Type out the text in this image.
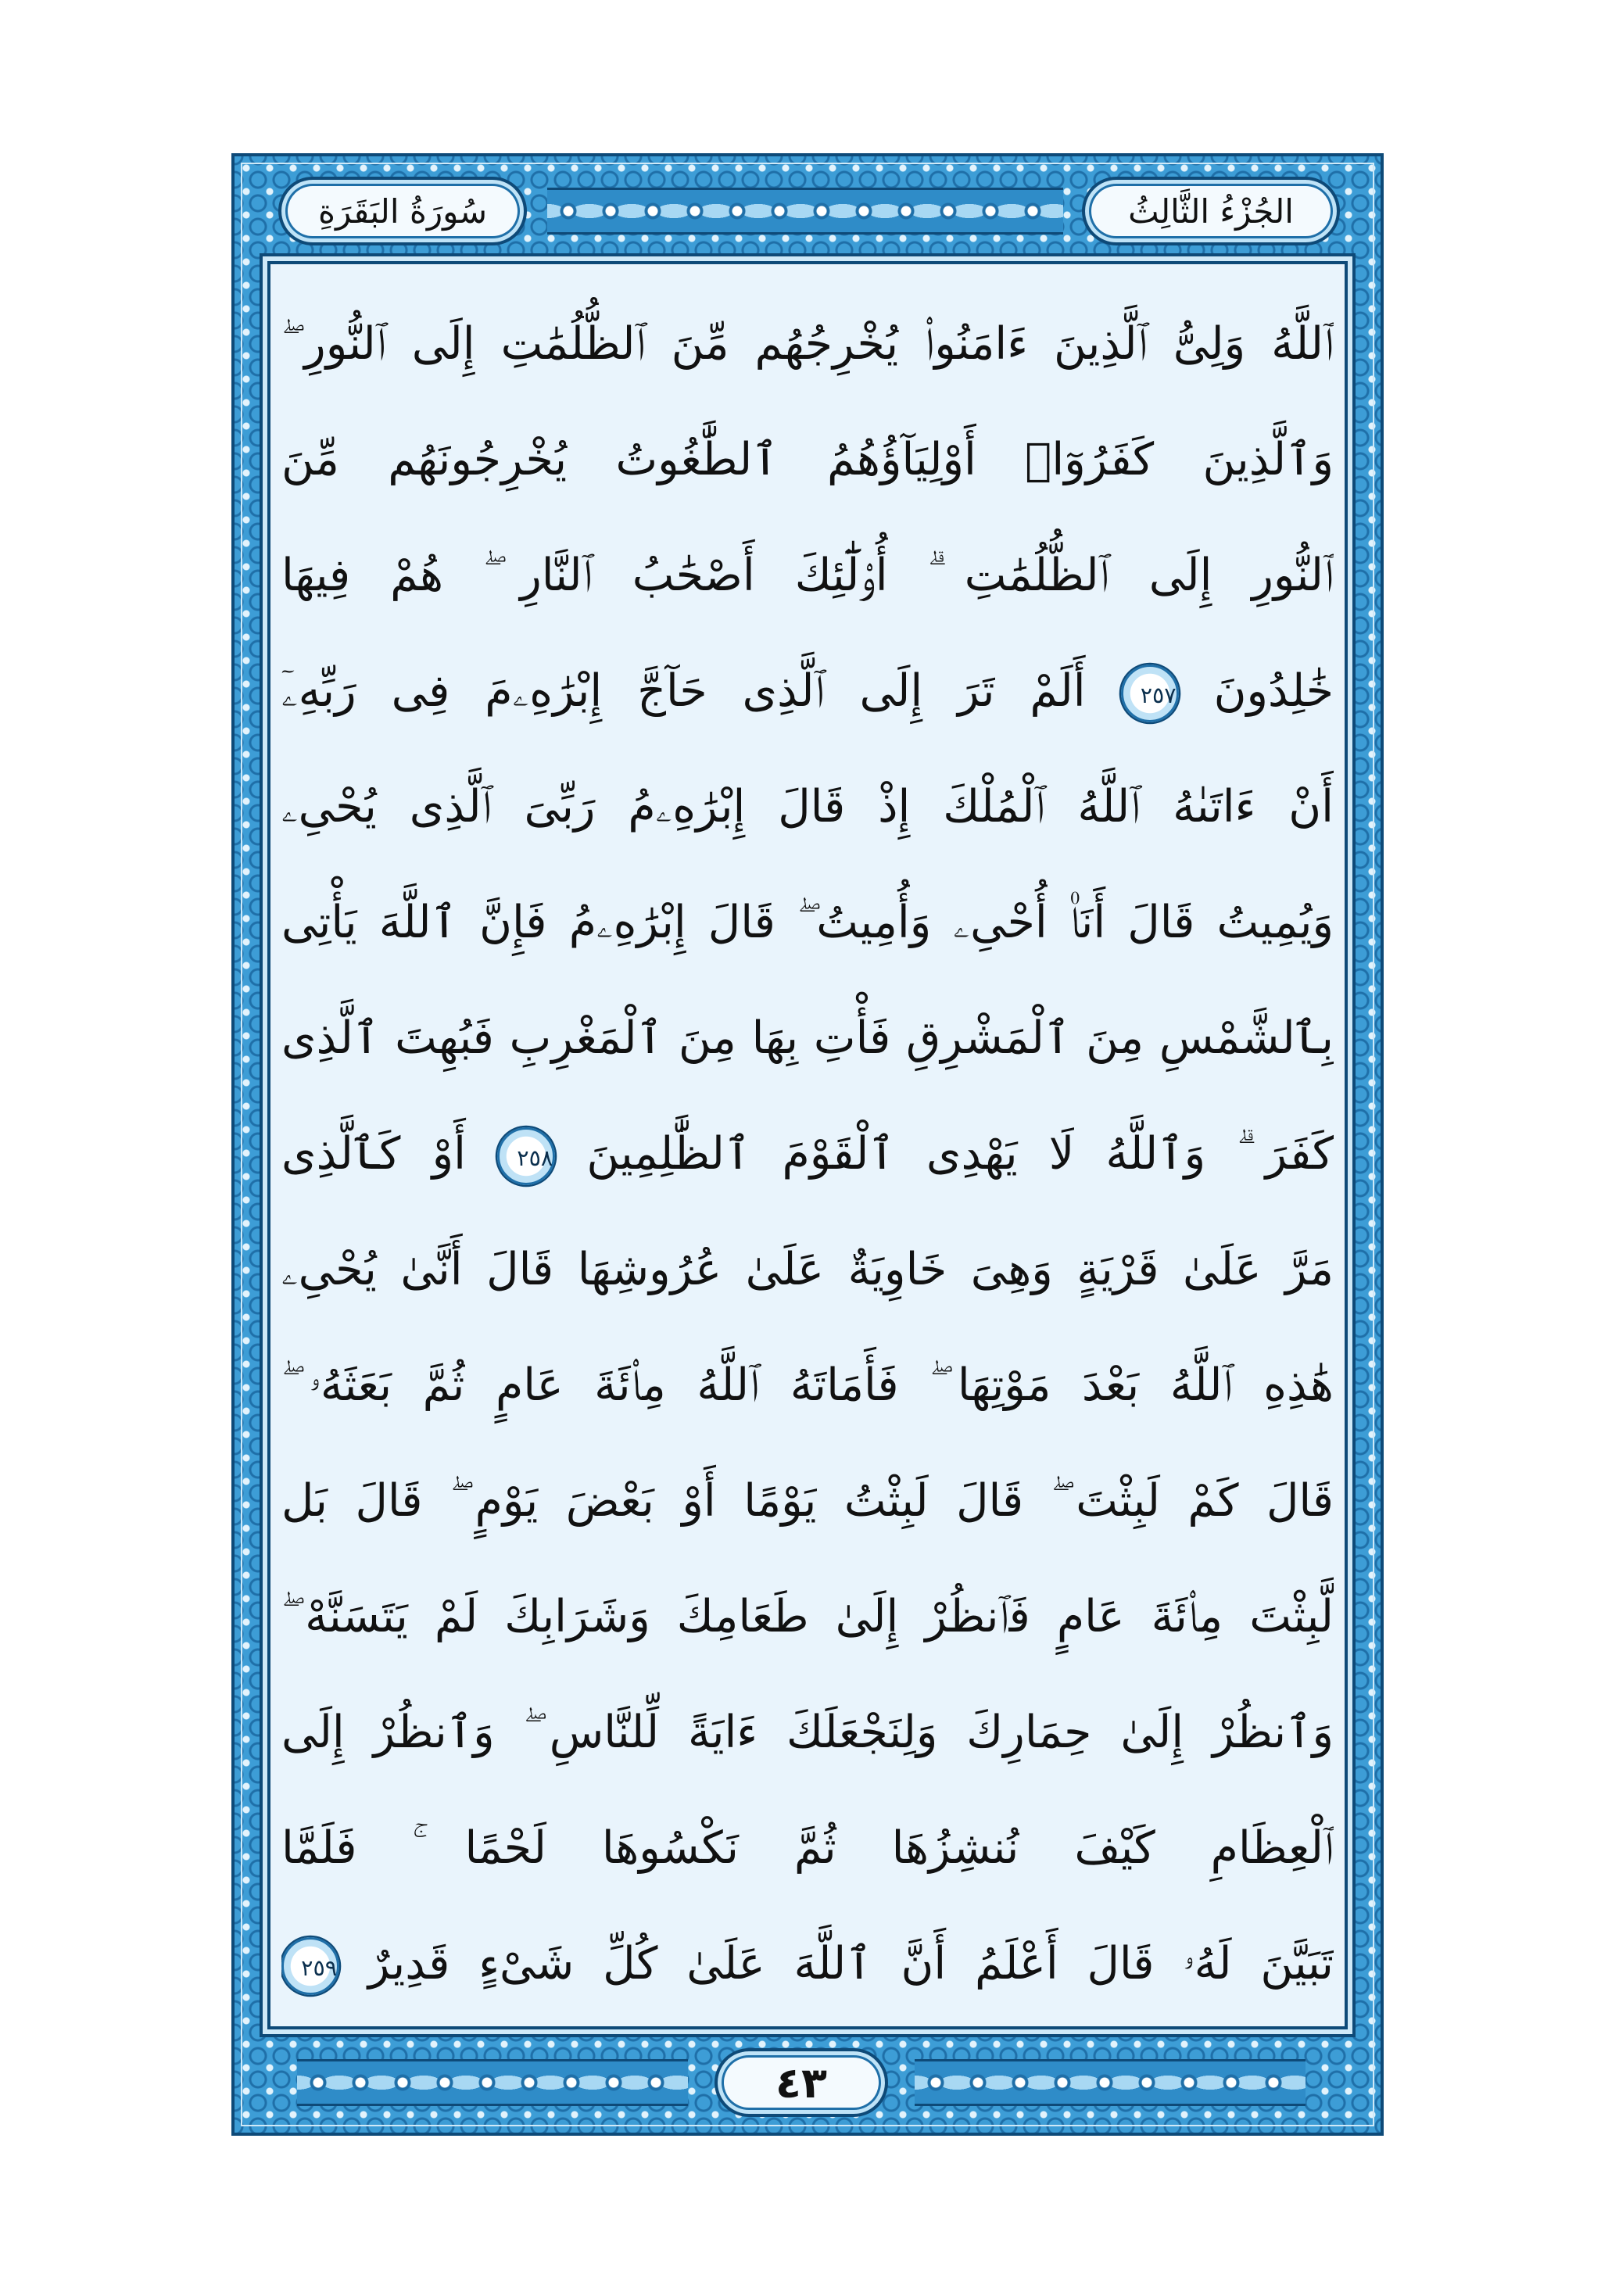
الجُزْءُ الثَّالِثُ
سُورَةُ البَقَرَةِ
ٱللَّهُ وَلِىُّ ٱلَّذِينَ ءَامَنُوا۟ يُخْرِجُهُم مِّنَ ٱلظُّلُمَٰتِ إِلَى ٱلنُّورِ ۖ
وَٱلَّذِينَ كَفَرُوٓا۟ أَوْلِيَآؤُهُمُ ٱلطَّٰغُوتُ يُخْرِجُونَهُم مِّنَ
ٱلنُّورِ إِلَى ٱلظُّلُمَٰتِ ۗ أُو۟لَٰٓئِكَ أَصْحَٰبُ ٱلنَّارِ ۖ هُمْ فِيهَا
خَٰلِدُونَ ٢٥٧ أَلَمْ تَرَ إِلَى ٱلَّذِى حَآجَّ إِبْرَٰهِۦمَ فِى رَبِّهِۦٓ
أَنْ ءَاتَىٰهُ ٱللَّهُ ٱلْمُلْكَ إِذْ قَالَ إِبْرَٰهِۦمُ رَبِّىَ ٱلَّذِى يُحْىِۦ
وَيُمِيتُ قَالَ أَنَا۠ أُحْىِۦ وَأُمِيتُ ۖ قَالَ إِبْرَٰهِۦمُ فَإِنَّ ٱللَّهَ يَأْتِى
بِٱلشَّمْسِ مِنَ ٱلْمَشْرِقِ فَأْتِ بِهَا مِنَ ٱلْمَغْرِبِ فَبُهِتَ ٱلَّذِى
كَفَرَ ۗ وَٱللَّهُ لَا يَهْدِى ٱلْقَوْمَ ٱلظَّٰلِمِينَ ٢٥٨ أَوْ كَٱلَّذِى
مَرَّ عَلَىٰ قَرْيَةٍ وَهِىَ خَاوِيَةٌ عَلَىٰ عُرُوشِهَا قَالَ أَنَّىٰ يُحْىِۦ
هَٰذِهِ ٱللَّهُ بَعْدَ مَوْتِهَا ۖ فَأَمَاتَهُ ٱللَّهُ مِا۟ئَةَ عَامٍ ثُمَّ بَعَثَهُۥ ۖ
قَالَ كَمْ لَبِثْتَ ۖ قَالَ لَبِثْتُ يَوْمًا أَوْ بَعْضَ يَوْمٍ ۖ قَالَ بَل
لَّبِثْتَ مِا۟ئَةَ عَامٍ فَٱنظُرْ إِلَىٰ طَعَامِكَ وَشَرَابِكَ لَمْ يَتَسَنَّهْ ۖ
وَٱنظُرْ إِلَىٰ حِمَارِكَ وَلِنَجْعَلَكَ ءَايَةً لِّلنَّاسِ ۖ وَٱنظُرْ إِلَى
ٱلْعِظَامِ كَيْفَ نُنشِزُهَا ثُمَّ نَكْسُوهَا لَحْمًا ۚ فَلَمَّا
تَبَيَّنَ لَهُۥ قَالَ أَعْلَمُ أَنَّ ٱللَّهَ عَلَىٰ كُلِّ شَىْءٍ قَدِيرٌ ٢٥٩
٤٣
